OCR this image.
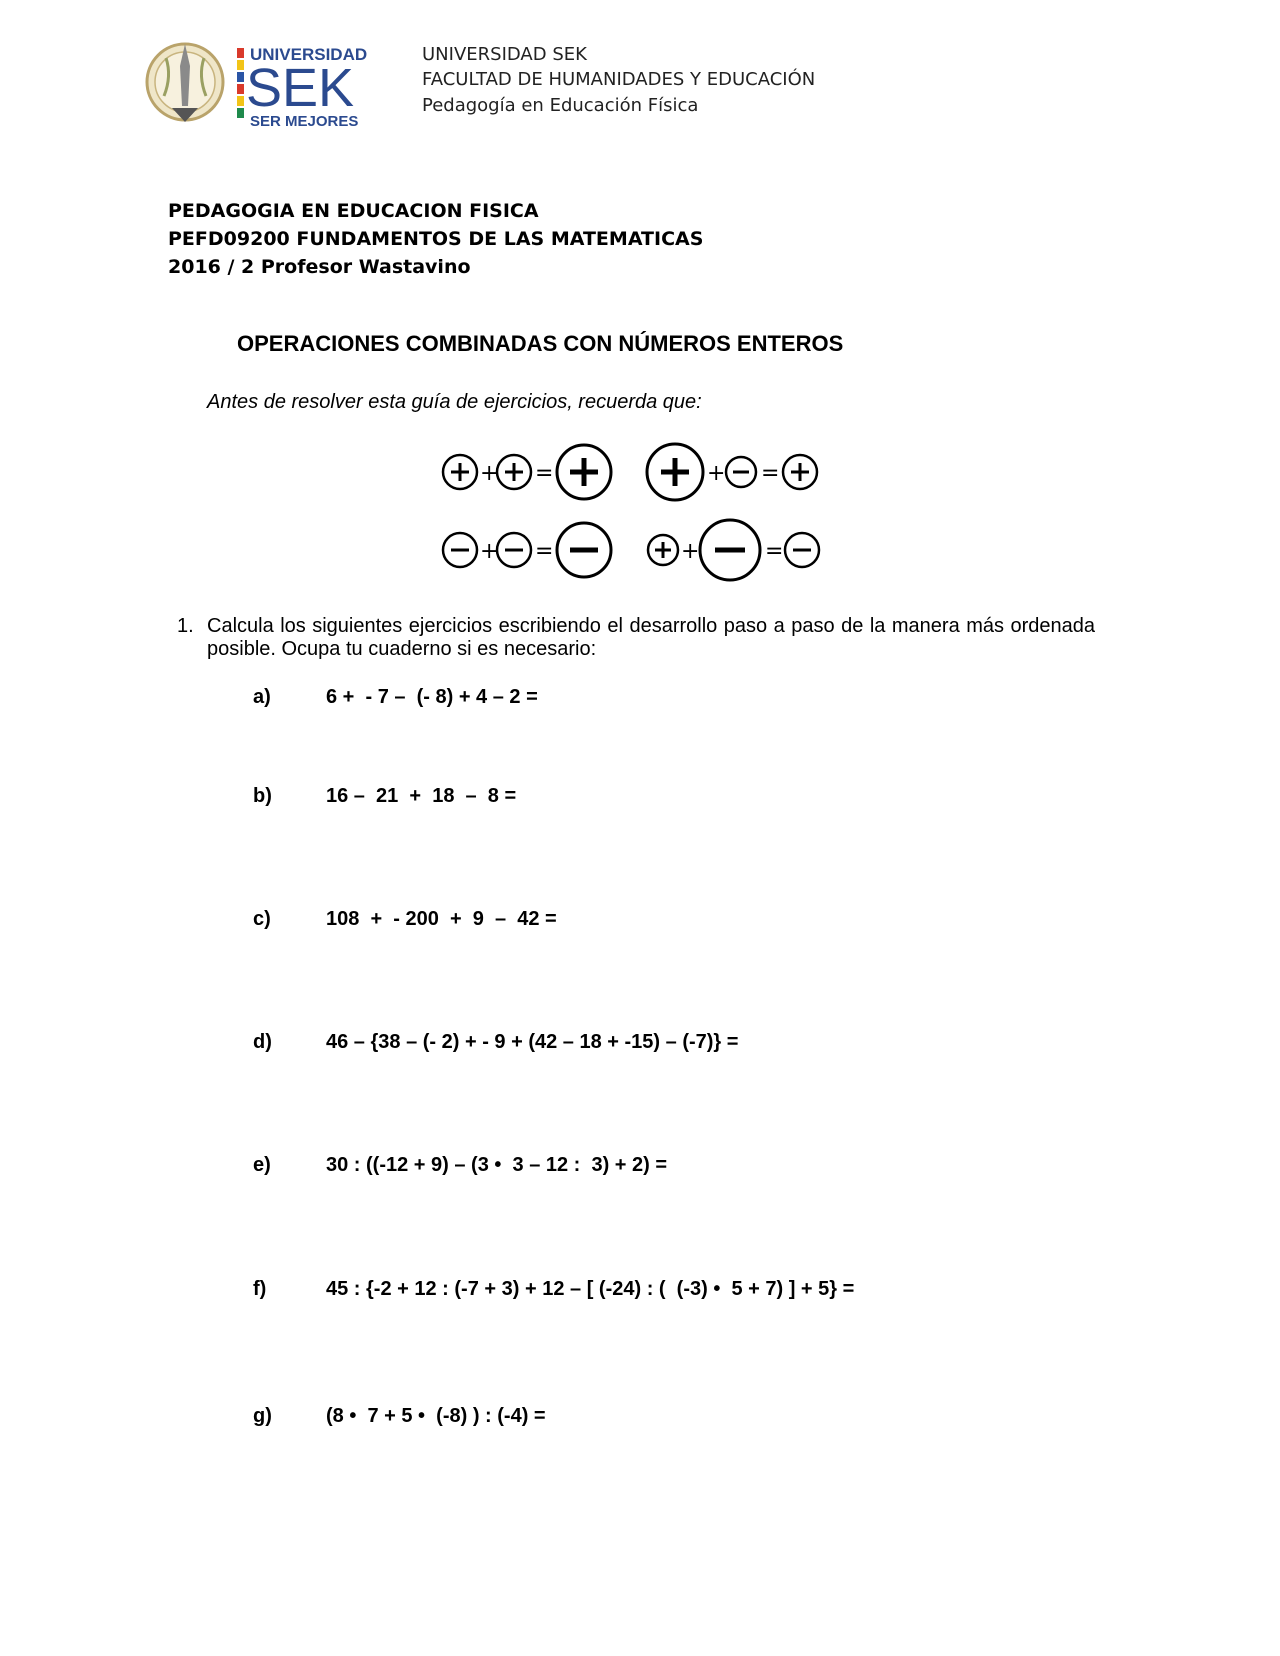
UNIVERSIDAD
SEK
SER MEJORES
UNIVERSIDAD SEK
FACULTAD DE HUMANIDADES Y EDUCACIÓN
Pedagogía en Educación Física
PEDAGOGIA EN EDUCACION FISICA
PEFD09200 FUNDAMENTOS DE LAS MATEMATICAS
2016 / 2 Profesor Wastavino
OPERACIONES COMBINADAS CON NÚMEROS ENTEROS
Antes de resolver esta guía de ejercicios, recuerda que:
+ =	+ =
+ =	+	=
1. Calcula los siguientes ejercicios escribiendo el desarrollo paso a paso de la manera más ordenada posible. Ocupa tu cuaderno si es necesario:
a)	6 +  - 7 –  (- 8) + 4 – 2 =
b)	16 –  21  +  18  –  8 =
c)	108  +  - 200  +  9  –  42 =
d)	46 – {38 – (- 2) + - 9 + (42 – 18 + -15) – (-7)} =
e)	30 : ((-12 + 9) – (3 •  3 – 12 :  3) + 2) =
f)	45 : {-2 + 12 : (-7 + 3) + 12 – [ (-24) : (  (-3) •  5 + 7) ] + 5} =
g)	(8 •  7 + 5 •  (-8) ) : (-4) =
